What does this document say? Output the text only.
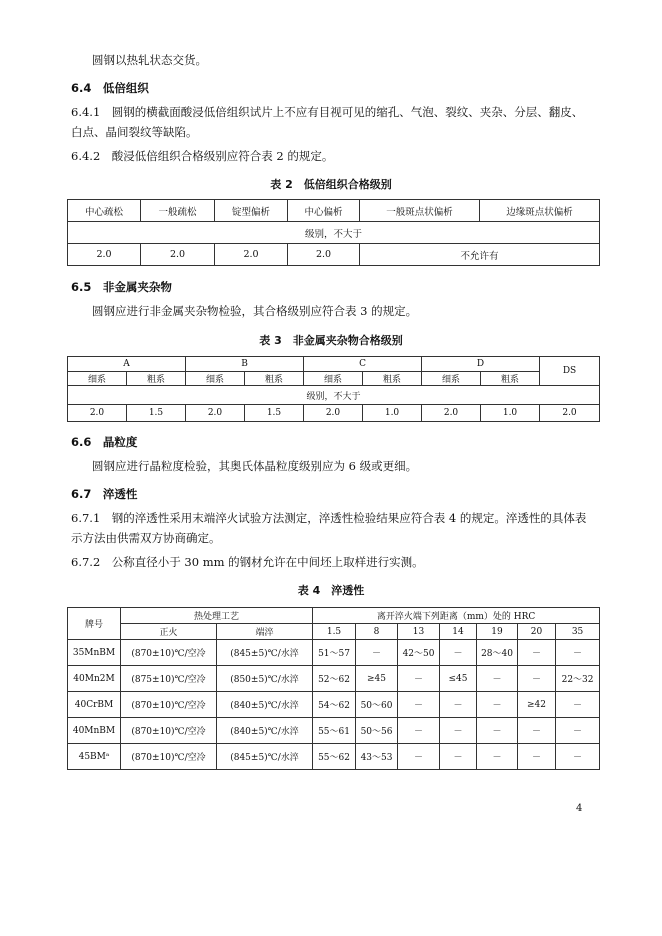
圆钢以热轧状态交货。
6.4　低倍组织
6.4.1　圆钢的横截面酸浸低倍组织试片上不应有目视可见的缩孔、气泡、裂纹、夹杂、分层、翻皮、
白点、晶间裂纹等缺陷。
6.4.2　酸浸低倍组织合格级别应符合表 2 的规定。
表 2　低倍组织合格级别
中心疏松	一般疏松	锭型偏析	中心偏析	一般斑点状偏析	边缘斑点状偏析
级别，不大于					
2.0	2.0	2.0	2.0	不允许有	
6.5　非金属夹杂物
圆钢应进行非金属夹杂物检验，其合格级别应符合表 3 的规定。
表 3　非金属夹杂物合格级别
A		B		C		D		DS
细系	粗系	细系	粗系	细系	粗系	细系	粗系	
级别，不大于								
2.0	1.5	2.0	1.5	2.0	1.0	2.0	1.0	2.0
6.6　晶粒度
圆钢应进行晶粒度检验，其奥氏体晶粒度级别应为 6 级或更细。
6.7　淬透性
6.7.1　钢的淬透性采用末端淬火试验方法测定，淬透性检验结果应符合表 4 的规定。淬透性的具体表
示方法由供需双方协商确定。
6.7.2　公称直径小于 30 mm 的钢材允许在中间坯上取样进行实测。
表 4　淬透性
牌号	热处理工艺		离开淬火端下列距离（mm）处的 HRC						
	正火	端淬	1.5	8	13	14	19	20	35
35MnBM	(870±10)℃/空冷	(845±5)℃/水淬	51～57	－	42～50	－	28～40	－	－
40Mn2M	(875±10)℃/空冷	(850±5)℃/水淬	52～62	≥45	－	≤45	－	－	22～32
40CrBM	(870±10)℃/空冷	(840±5)℃/水淬	54～62	50～60	－	－	－	≥42	－
40MnBM	(870±10)℃/空冷	(840±5)℃/水淬	55～61	50～56	－	－	－	－	－
45BMᵃ	(870±10)℃/空冷	(845±5)℃/水淬	55～62	43～53	－	－	－	－	－
4
